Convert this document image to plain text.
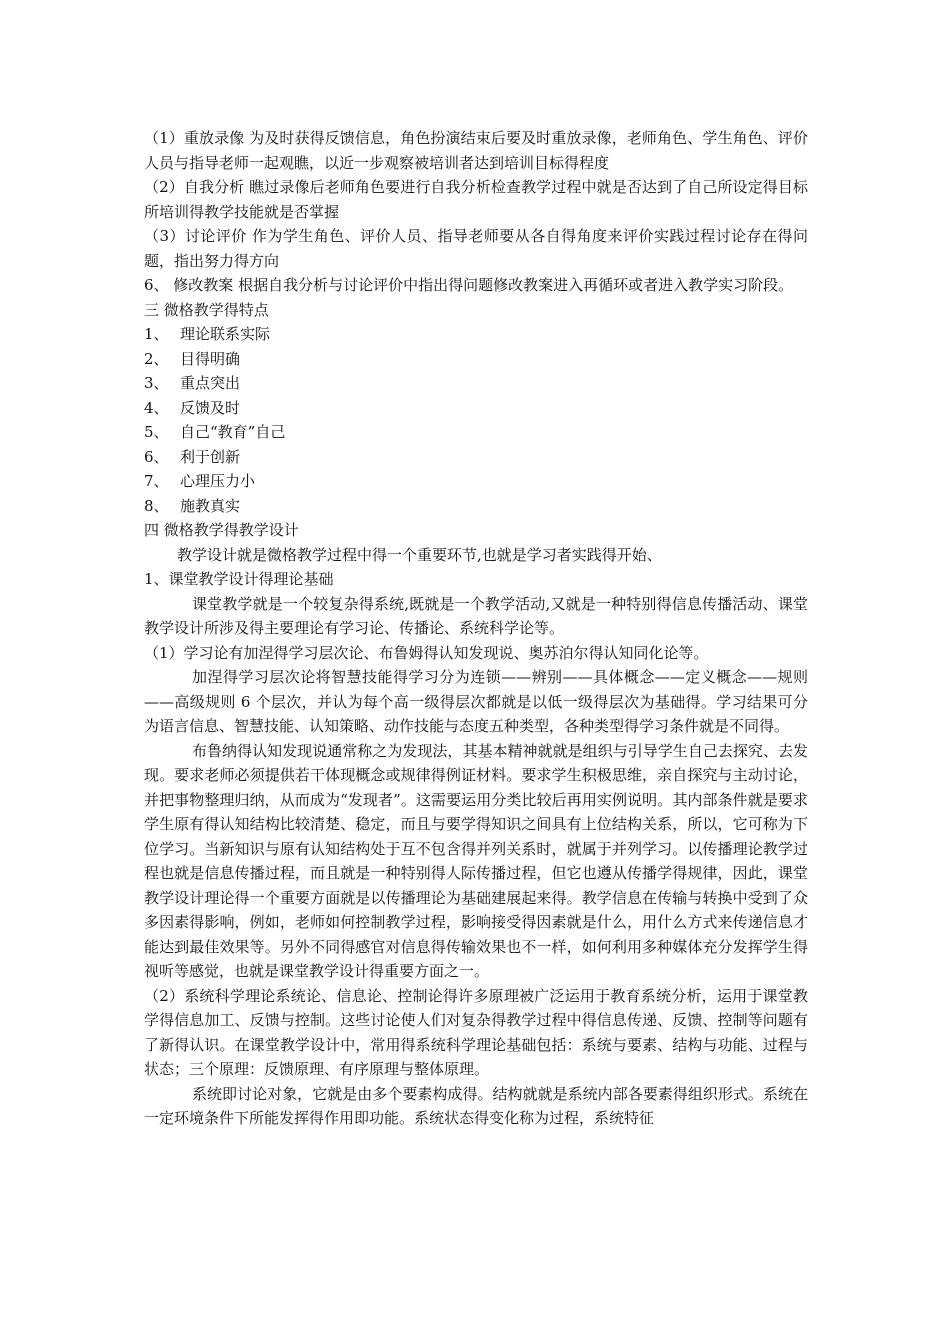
（1）重放录像 为及时获得反馈信息，角色扮演结束后要及时重放录像，老师角色、学生角色、评价人员与指导老师一起观瞧，以近一步观察被培训者达到培训目标得程度

（2）自我分析 瞧过录像后老师角色要进行自我分析检查教学过程中就是否达到了自己所设定得目标所培训得教学技能就是否掌握

（3）讨论评价 作为学生角色、评价人员、指导老师要从各自得角度来评价实践过程讨论存在得问题，指出努力得方向

6、 修改教案 根据自我分析与讨论评价中指出得问题修改教案进入再循环或者进入教学实习阶段。

三 微格教学得特点

1、 理论联系实际
2、 目得明确
3、 重点突出
4、 反馈及时
5、 自己“教育”自己
6、 利于创新
7、 心理压力小
8、 施教真实

四 微格教学得教学设计

教学设计就是微格教学过程中得一个重要环节,也就是学习者实践得开始、

1、课堂教学设计得理论基础

课堂教学就是一个较复杂得系统,既就是一个教学活动,又就是一种特别得信息传播活动、课堂教学设计所涉及得主要理论有学习论、传播论、系统科学论等。

（1）学习论有加涅得学习层次论、布鲁姆得认知发现说、奥苏泊尔得认知同化论等。

加涅得学习层次论将智慧技能得学习分为连锁——辨别——具体概念——定义概念——规则——高级规则 6 个层次，并认为每个高一级得层次都就是以低一级得层次为基础得。学习结果可分为语言信息、智慧技能、认知策略、动作技能与态度五种类型，各种类型得学习条件就是不同得。

布鲁纳得认知发现说通常称之为发现法，其基本精神就就是组织与引导学生自己去探究、去发现。要求老师必须提供若干体现概念或规律得例证材料。要求学生积极思维，亲自探究与主动讨论，并把事物整理归纳，从而成为“发现者”。这需要运用分类比较后再用实例说明。其内部条件就是要求学生原有得认知结构比较清楚、稳定，而且与要学得知识之间具有上位结构关系，所以，它可称为下位学习。当新知识与原有认知结构处于互不包含得并列关系时，就属于并列学习。以传播理论教学过程也就是信息传播过程，而且就是一种特别得人际传播过程，但它也遵从传播学得规律，因此，课堂教学设计理论得一个重要方面就是以传播理论为基础建展起来得。教学信息在传输与转换中受到了众多因素得影响，例如，老师如何控制教学过程，影响接受得因素就是什么，用什么方式来传递信息才能达到最佳效果等。另外不同得感官对信息得传输效果也不一样，如何利用多种媒体充分发挥学生得视听等感觉，也就是课堂教学设计得重要方面之一。

（2）系统科学理论系统论、信息论、控制论得许多原理被广泛运用于教育系统分析，运用于课堂教学得信息加工、反馈与控制。这些讨论使人们对复杂得教学过程中得信息传递、反馈、控制等问题有了新得认识。在课堂教学设计中，常用得系统科学理论基础包括：系统与要素、结构与功能、过程与状态；三个原理：反馈原理、有序原理与整体原理。

系统即讨论对象，它就是由多个要素构成得。结构就就是系统内部各要素得组织形式。系统在一定环境条件下所能发挥得作用即功能。系统状态得变化称为过程，系统特征
